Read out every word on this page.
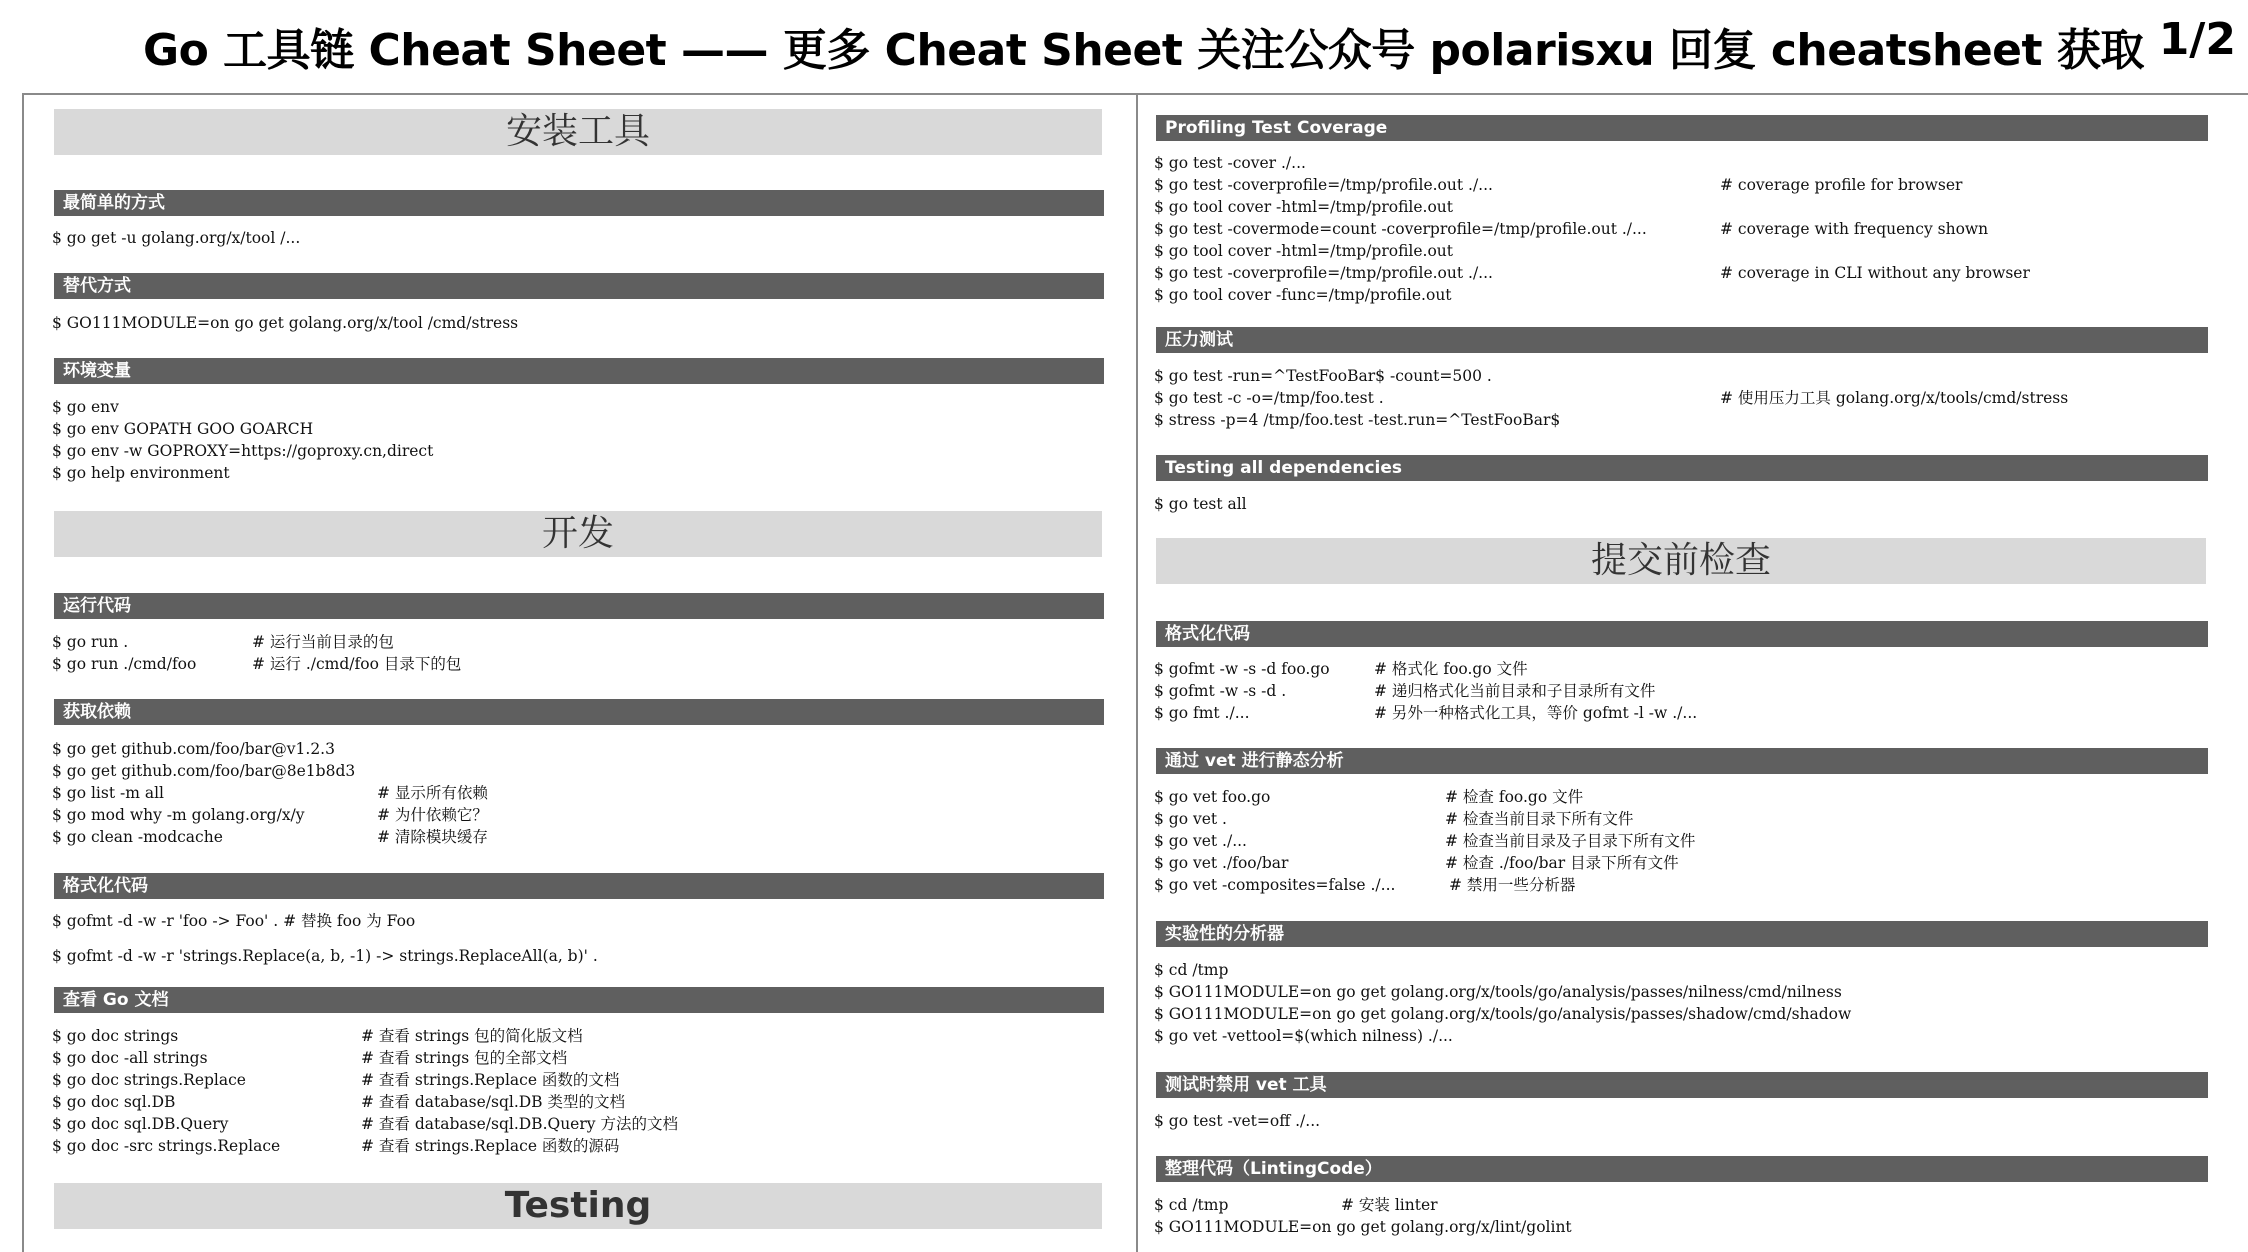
Go 工具链 Cheat Sheet —— 更多 Cheat Sheet 关注公众号 polarisxu 回复 cheatsheet 获取 1/2
安装工具
最简单的方式
$ go get -u golang.org/x/tool /...
替代方式
$ GO111MODULE=on go get golang.org/x/tool /cmd/stress
环境变量
$ go env
$ go env GOPATH GOO GOARCH
$ go env -w GOPROXY=https://goproxy.cn,direct
$ go help environment
开发
运行代码
$ go run .	# 运行当前目录的包
$ go run ./cmd/foo	# 运行 ./cmd/foo 目录下的包
获取依赖
$ go get github.com/foo/bar@v1.2.3
$ go get github.com/foo/bar@8e1b8d3
$ go list -m all	# 显示所有依赖
$ go mod why -m golang.org/x/y	# 为什依赖它？
$ go clean -modcache	# 清除模块缓存
格式化代码
$ gofmt -d -w -r 'foo -> Foo' . # 替换 foo 为 Foo
$ gofmt -d -w -r 'strings.Replace(a, b, -1) -> strings.ReplaceAll(a, b)' .
查看 Go 文档
$ go doc strings	# 查看 strings 包的简化版文档
$ go doc -all strings	# 查看 strings 包的全部文档
$ go doc strings.Replace	# 查看 strings.Replace 函数的文档
$ go doc sql.DB	# 查看 database/sql.DB 类型的文档
$ go doc sql.DB.Query	# 查看 database/sql.DB.Query 方法的文档
$ go doc -src strings.Replace	# 查看 strings.Replace 函数的源码
Testing
Profiling Test Coverage
$ go test -cover ./...
$ go test -coverprofile=/tmp/profile.out ./...	# coverage profile for browser
$ go tool cover -html=/tmp/profile.out
$ go test -covermode=count -coverprofile=/tmp/profile.out ./...	# coverage with frequency shown
$ go tool cover -html=/tmp/profile.out
$ go test -coverprofile=/tmp/profile.out ./...	# coverage in CLI without any browser
$ go tool cover -func=/tmp/profile.out
压力测试
$ go test -run=^TestFooBar$ -count=500 .
$ go test -c -o=/tmp/foo.test .	# 使用压力工具 golang.org/x/tools/cmd/stress
$ stress -p=4 /tmp/foo.test -test.run=^TestFooBar$
Testing all dependencies
$ go test all
提交前检查
格式化代码
$ gofmt -w -s -d foo.go	# 格式化 foo.go 文件
$ gofmt -w -s -d .	# 递归格式化当前目录和子目录所有文件
$ go fmt ./...	# 另外一种格式化工具，等价 gofmt -l -w ./...
通过 vet 进行静态分析
$ go vet foo.go	# 检查 foo.go 文件
$ go vet .	# 检查当前目录下所有文件
$ go vet ./...	# 检查当前目录及子目录下所有文件
$ go vet ./foo/bar	# 检查 ./foo/bar 目录下所有文件
$ go vet -composites=false ./...	# 禁用一些分析器
实验性的分析器
$ cd /tmp
$ GO111MODULE=on go get golang.org/x/tools/go/analysis/passes/nilness/cmd/nilness
$ GO111MODULE=on go get golang.org/x/tools/go/analysis/passes/shadow/cmd/shadow
$ go vet -vettool=$(which nilness) ./...
测试时禁用 vet 工具
$ go test -vet=off ./...
整理代码（LintingCode）
$ cd /tmp	# 安装 linter
$ GO111MODULE=on go get golang.org/x/lint/golint
